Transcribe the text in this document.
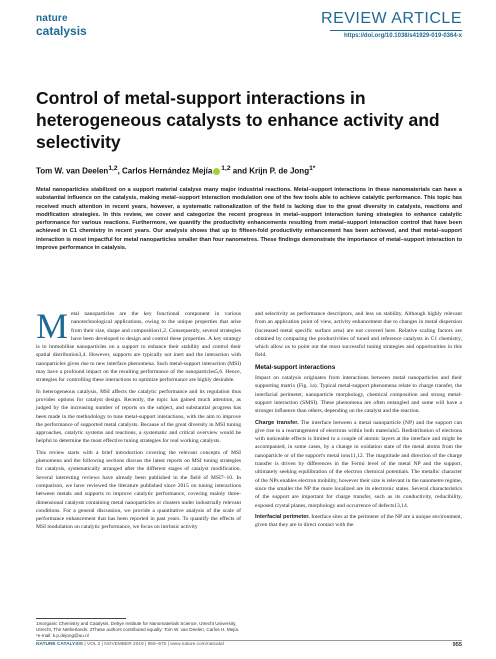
nature
catalysis
REVIEW ARTICLE
https://doi.org/10.1038/s41929-019-0364-x
Control of metal-support interactions in heterogeneous catalysts to enhance activity and selectivity
Tom W. van Deelen$^{1,2}$, Carlos Hernández Mejía $^{1,2}$ and Krijn P. de Jong$^{1*}$

Metal nanoparticles stabilized on a support material catalyse many major industrial reactions. Metal–support interactions in these nanomaterials can have a substantial influence on the catalysis, making metal–support interaction modulation one of the few tools able to achieve catalytic performance. This topic has received much attention in recent years, however, a systematic rationalization of the field is lacking due to the great diversity in catalysts, reactions and modification strategies. In this review, we cover and categorize the recent progress in metal–support interaction tuning strategies to enhance catalytic performance for various reactions. Furthermore, we quantify the productivity enhancements resulting from metal–support interaction control that have been achieved in C1 chemistry in recent years. Our analysis shows that up to fifteen-fold productivity enhancement has been achieved, and that metal–support interaction is most impactful for metal nanoparticles smaller than four nanometres. These findings demonstrate the importance of metal–support interaction to improve performance in catalysis.

Metal nanoparticles are the key functional component in various nanotechnological applications, owing to the unique properties that arise from their size, shape and composition1,2. Consequently, several strategies have been developed to design and control these properties. A key strategy is to immobilise nanoparticles on a support to enhance their stability and control their spatial distribution3,4. However, supports are typically not inert and the interaction with nanoparticles gives rise to new interface phenomena. Such metal-support interaction (MSI) may have a profound impact on the resulting performance of the nanoparticles5,6. Hence, strategies for controlling these interactions to optimize performance are highly desirable.

In heterogeneous catalysis, MSI affects the catalytic performance and its regulation thus provides options for catalyst design. Recently, the topic has gained much attention, as judged by the increasing number of reports on the subject, and substantial progress has been made in the methodology to tune metal-support interactions, with the aim to improve the performance of supported metal catalysts. Because of the great diversity in MSI tuning approaches, catalytic systems and reactions, a systematic and critical overview would be helpful to determine the most effective tuning strategies for real working catalysts.

This review starts with a brief introduction covering the relevant concepts of MSI phenomena and the following sections discuss the latest reports on MSI tuning strategies for catalysis, systematically arranged after the different stages of catalyst modification. Several interesting reviews have already been published in the field of MSI7–10. In comparison, we have reviewed the literature published since 2015 on tuning interactions between metals and supports to improve catalytic performance, covering mainly three-dimensional catalysts containing metal nanoparticles or clusters under industrially relevant conditions. For a general discussion, we provide a quantitative analysis of the scale of performance enhancement that has been reported in past years. To quantify the effects of MSI modulation on catalytic performance, we focus on intrinsic activity

and selectivity as performance descriptors, and less on stability. Although highly relevant from an application point of view, activity enhancement due to changes in metal dispersion (increased metal specific surface area) are not covered here. Relative scaling factors are obtained by comparing the productivities of tuned and reference catalysts in C1 chemistry, which allow us to point out the most successful tuning strategies and opportunities in this field.

Metal-support interactions

Impact on catalysis originates from interactions between metal nanoparticles and their supporting matrix (Fig. 1a). Typical metal-support phenomena relate to charge transfer, the interfacial perimeter, nanoparticle morphology, chemical composition and strong metal-support interaction (SMSI). These phenomena are often entangled and some will have a stronger influence than others, depending on the catalyst and the reaction.

Charge transfer. The interface between a metal nanoparticle (NP) and the support can give rise to a rearrangement of electrons within both materials5. Redistribution of electrons with noticeable effects is limited to a couple of atomic layers at the interface and might be accompanied, in some cases, by a change in oxidation state of the metal atoms from the nanoparticle or of the support's metal ions11,12. The magnitude and direction of the charge transfer is driven by differences in the Fermi level of the metal NP and the support, ultimately seeking equilibration of the electron chemical potentials. The metallic character of the NPs enables electron mobility, however their size is relevant in the nanometre regime, since the smaller the NP the more localized are its electronic states. Several characteristics of the support are important for charge transfer, such as its conductivity, reducibility, exposed crystal planes, morphology and occurrence of defects13,14.

Interfacial perimeter. Interface sites at the perimeter of the NP are a unique environment, given that they are in direct contact with the

1Inorganic Chemistry and Catalysis, Debye Institute for Nanomaterials Science, Utrecht University, Utrecht, The Netherlands. 2These authors contributed equally: Tom W. van Deelen, Carlos H. Mejía. *e-mail: k.p.dejong@uu.nl

NATURE CATALYSIS | VOL 2 | NOVEMBER 2019 | 955–970 | www.nature.com/natcatal	955
